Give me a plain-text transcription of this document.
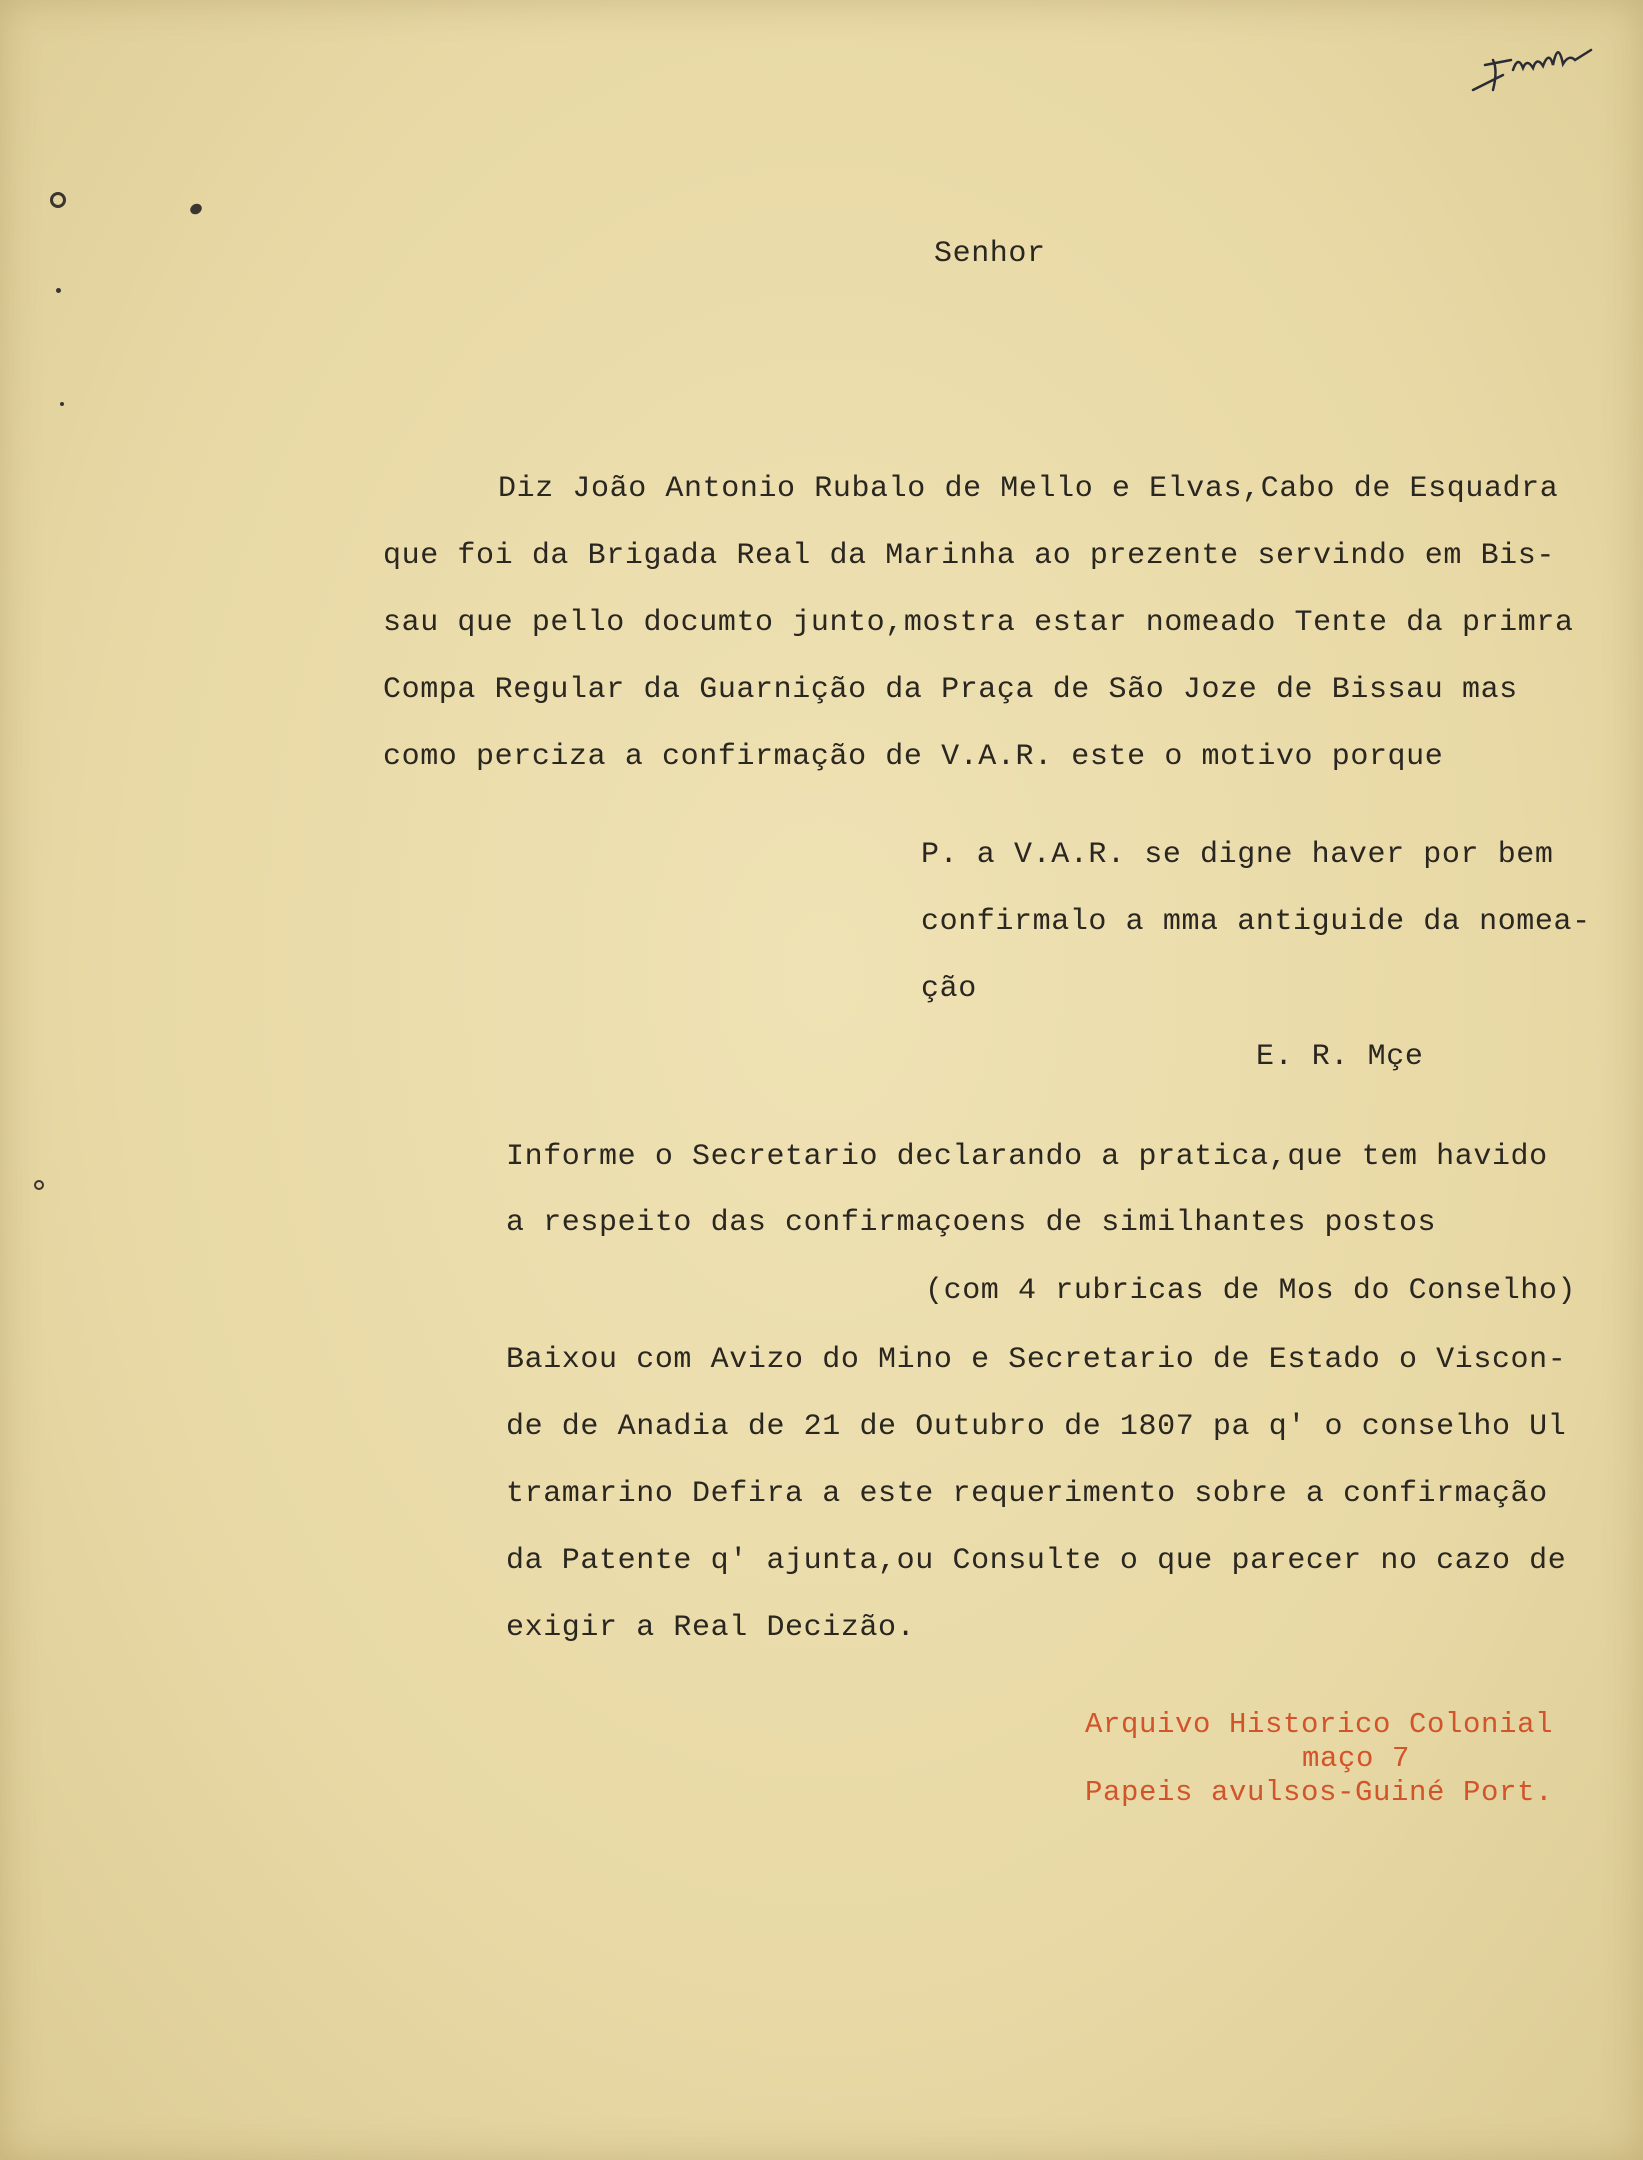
Senhor
Diz João Antonio Rubalo de Mello e Elvas,Cabo de Esquadra
que foi da Brigada Real da Marinha ao prezente servindo em Bis-
sau que pello documto junto,mostra estar nomeado Tente da primra
Compa Regular da Guarnição da Praça de São Joze de Bissau mas
como perciza a confirmação de V.A.R. este o motivo porque
P. a V.A.R. se digne haver por bem
confirmalo a mma antiguide da nomea-
ção
E. R. Mçe
Informe o Secretario declarando a pratica,que tem havido
a respeito das confirmaçoens de similhantes postos
(com 4 rubricas de Mos do Conselho)
Baixou com Avizo do Mino e Secretario de Estado o Viscon-
de de Anadia de 21 de Outubro de 1807 pa q' o conselho Ul
tramarino Defira a este requerimento sobre a confirmação
da Patente q' ajunta,ou Consulte o que parecer no cazo de
exigir a Real Decizão.
Arquivo Historico Colonial
maço 7
Papeis avulsos-Guiné Port.
